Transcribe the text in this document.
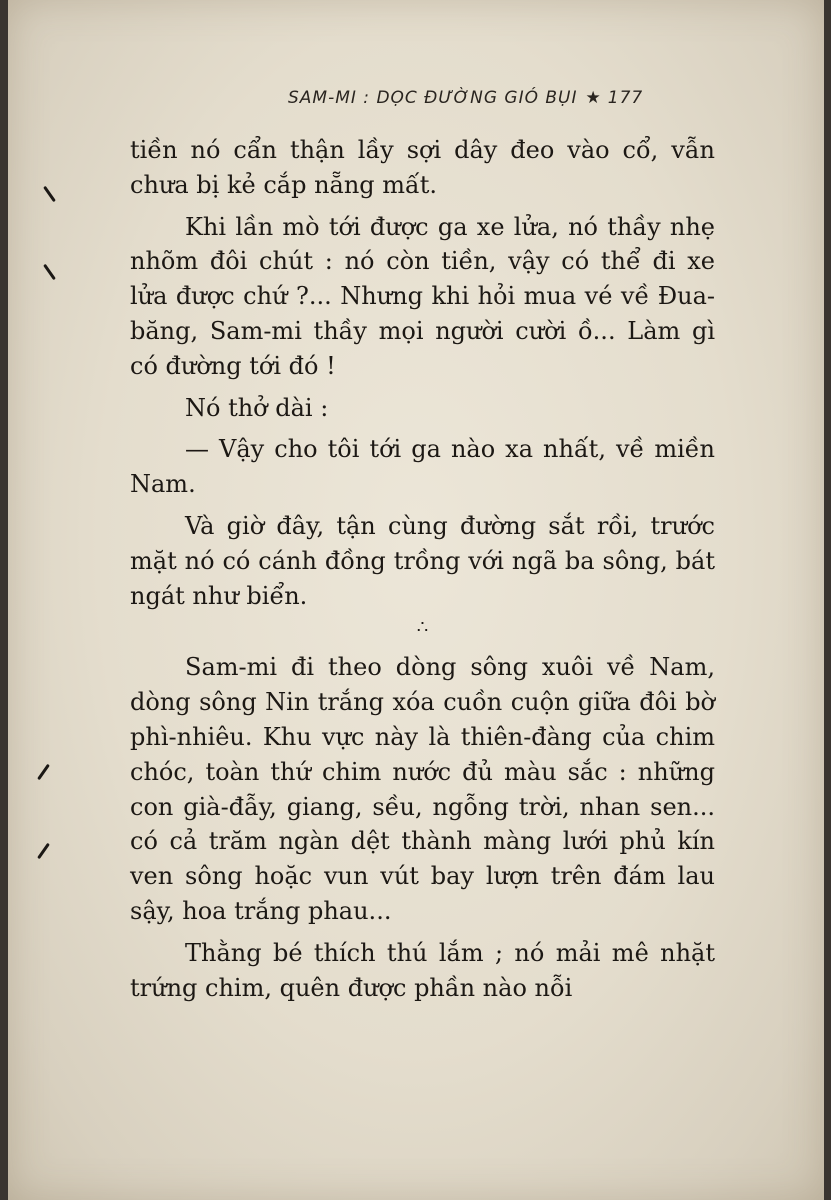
SAM-MI : DỌC ĐƯỜNG GIÓ BỤI ★ 177

tiền nó cẩn thận lầy sợi dây đeo vào cổ, vẫn chưa bị kẻ cắp nẵng mất.

Khi lần mò tới được ga xe lửa, nó thầy nhẹ nhõm đôi chút : nó còn tiền, vậy có thể đi xe lửa được chứ ?... Nhưng khi hỏi mua vé về Đua-băng, Sam-mi thầy mọi người cười ồ... Làm gì có đường tới đó !

Nó thở dài :

— Vậy cho tôi tới ga nào xa nhất, về miền Nam.

Và giờ đây, tận cùng đường sắt rồi, trước mặt nó có cánh đồng trồng với ngã ba sông, bát ngát như biển.

∴

Sam-mi đi theo dòng sông xuôi về Nam, dòng sông Nin trắng xóa cuồn cuộn giữa đôi bờ phì-nhiêu. Khu vực này là thiên-đàng của chim chóc, toàn thứ chim nước đủ màu sắc : những con già-đẫy, giang, sều, ngỗng trời, nhan sen... có cả trăm ngàn dệt thành màng lưới phủ kín ven sông hoặc vun vút bay lượn trên đám lau sậy, hoa trắng phau...

Thằng bé thích thú lắm ; nó mải mê nhặt trứng chim, quên được phần nào nỗi
